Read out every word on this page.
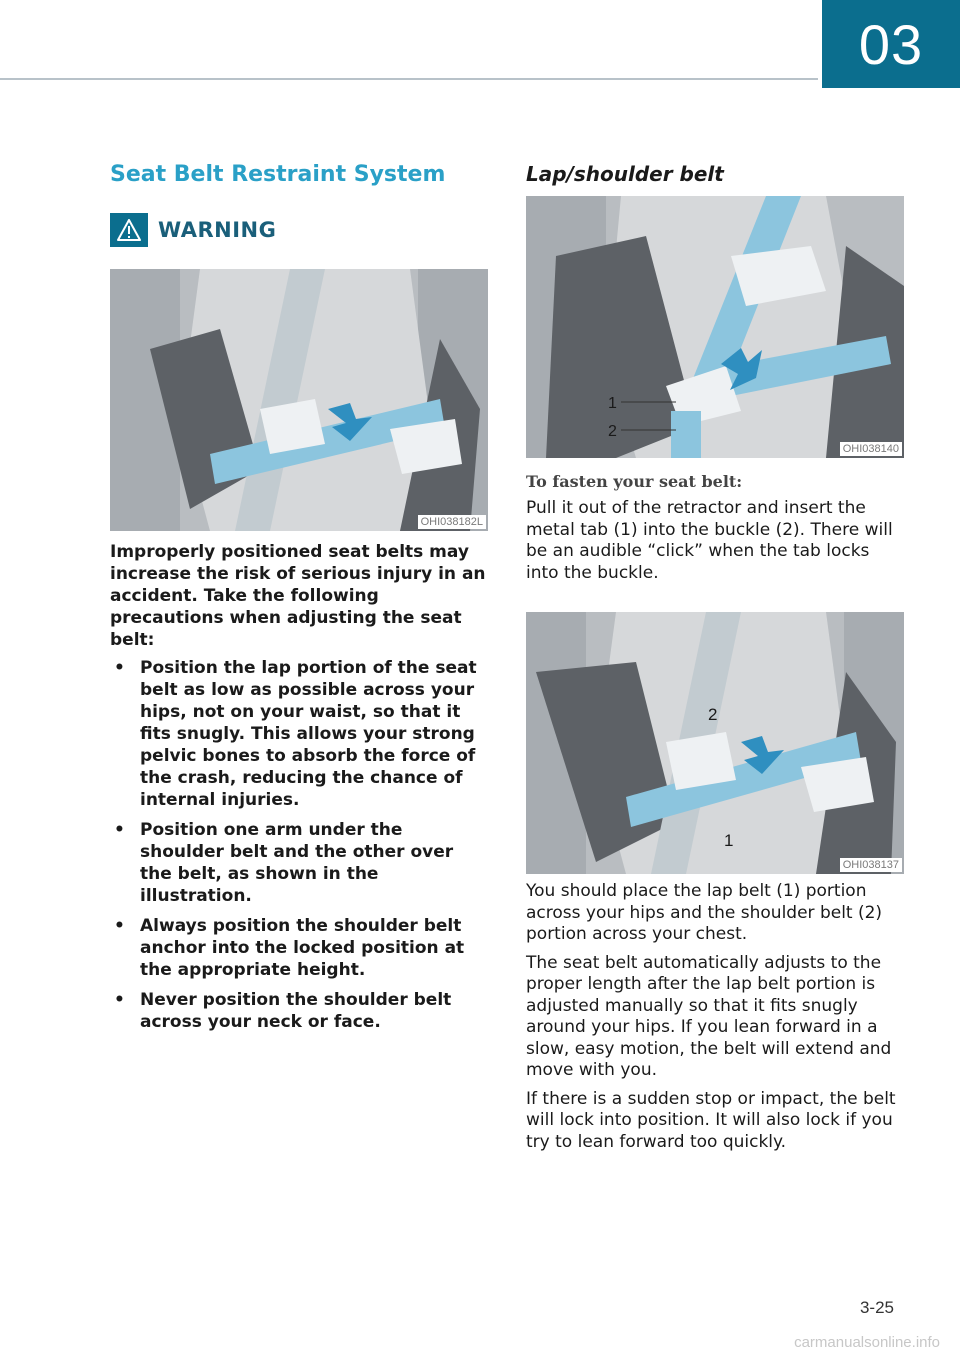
03
Seat Belt Restraint System
WARNING
OHI038182L

Improperly positioned seat belts may increase the risk of serious injury in an accident. Take the following precautions when adjusting the seat belt:

• Position the lap portion of the seat belt as low as possible across your hips, not on your waist, so that it fits snugly. This allows your strong pelvic bones to absorb the force of the crash, reducing the chance of internal injuries.
• Position one arm under the shoulder belt and the other over the belt, as shown in the illustration.
• Always position the shoulder belt anchor into the locked position at the appropriate height.
• Never position the shoulder belt across your neck or face.
Lap/shoulder belt
1
2
OHI038140
To fasten your seat belt:

Pull it out of the retractor and insert the metal tab (1) into the buckle (2). There will be an audible “click” when the tab locks into the buckle.

2
1
OHI038137

You should place the lap belt (1) portion across your hips and the shoulder belt (2) portion across your chest.

The seat belt automatically adjusts to the proper length after the lap belt portion is adjusted manually so that it fits snugly around your hips. If you lean forward in a slow, easy motion, the belt will extend and move with you.

If there is a sudden stop or impact, the belt will lock into position. It will also lock if you try to lean forward too quickly.

3-25
carmanualsonline.info
